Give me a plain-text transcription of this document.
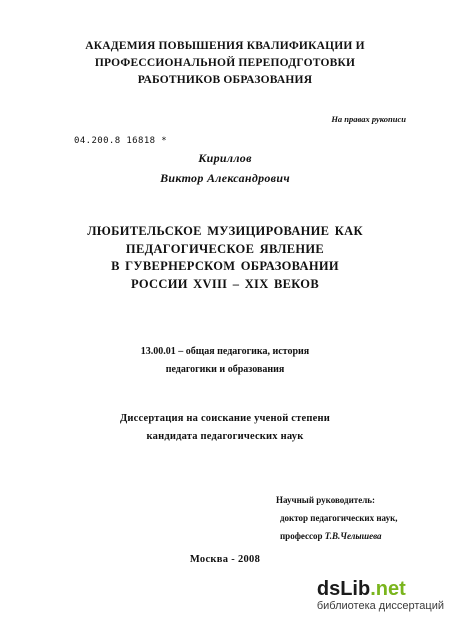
АКАДЕМИЯ ПОВЫШЕНИЯ КВАЛИФИКАЦИИ И
ПРОФЕССИОНАЛЬНОЙ ПЕРЕПОДГОТОВКИ
РАБОТНИКОВ ОБРАЗОВАНИЯ
На правах рукописи
04.200.8 16818 *
Кириллов
Виктор Александрович
ЛЮБИТЕЛЬСКОЕ МУЗИЦИРОВАНИЕ КАК
ПЕДАГОГИЧЕСКОЕ ЯВЛЕНИЕ
В ГУВЕРНЕРСКОМ ОБРАЗОВАНИИ
РОССИИ XVIII – XIX ВЕКОВ
13.00.01 – общая педагогика, история
педагогики и образования
Диссертация на соискание ученой степени
кандидата педагогических наук
Научный руководитель:
доктор педагогических наук,
профессор Т.В.Челышева
Москва - 2008
dsLib.net
библиотека диссертаций
